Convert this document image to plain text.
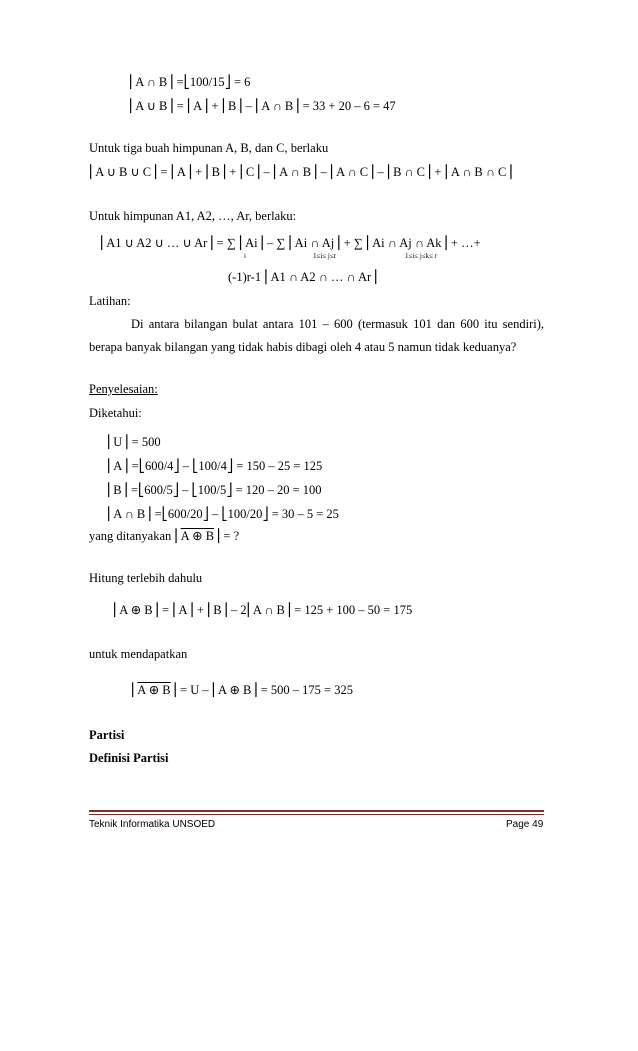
⎜A ∩ B⎟ =⎣100/15⎦ = 6
⎜A ∪ B⎟ = ⎜A⎟ + ⎜B⎟ – ⎜A ∩ B⎟ = 33 + 20 – 6 = 47
Untuk tiga buah himpunan A, B, dan C, berlaku
⎜A ∪ B ∪ C⎟ = ⎜A⎟ + ⎜B⎟ + ⎜C⎟ – ⎜A ∩ B⎟ – ⎜A ∩ C⎟ – ⎜B ∩ C⎟ + ⎜A ∩ B ∩ C⎟
Untuk himpunan A1, A2, …, Ar, berlaku:
⎜A1 ∪ A2 ∪ … ∪ Ar⎟ = ∑ ⎜Ai⎟ – ∑ ⎜Ai ∩ Aj⎟ + ∑ ⎜Ai ∩ Aj ∩ Ak⎟ + …+
i	1≤i≤ j≤r	1≤i≤ j≤k≤ r
(-1)r-1 ⎜A1 ∩ A2 ∩ … ∩ Ar⎟
Latihan:
Di antara bilangan bulat antara 101 – 600 (termasuk 101 dan 600 itu sendiri),
berapa banyak bilangan yang tidak habis dibagi oleh 4 atau 5 namun tidak keduanya?
Penyelesaian:
Diketahui:
⎜U⎟ = 500
⎜A⎟ =⎣600/4⎦ – ⎣100/4⎦ = 150 – 25 = 125
⎜B⎟ =⎣600/5⎦ – ⎣100/5⎦ = 120 – 20 = 100
⎜A ∩ B⎟ =⎣600/20⎦ – ⎣100/20⎦ = 30 – 5 = 25
yang ditanyakan ⎜A ⊕ B⎟ = ?
Hitung terlebih dahulu
⎜A ⊕ B⎟ = ⎜A⎟ + ⎜B⎟ – 2⎜A ∩ B⎟ = 125 + 100 – 50 = 175
untuk mendapatkan
⎜A ⊕ B⎟ = U – ⎜A ⊕ B⎟ = 500 – 175 = 325
Partisi
Definisi Partisi
Teknik Informatika UNSOED	Page 49
